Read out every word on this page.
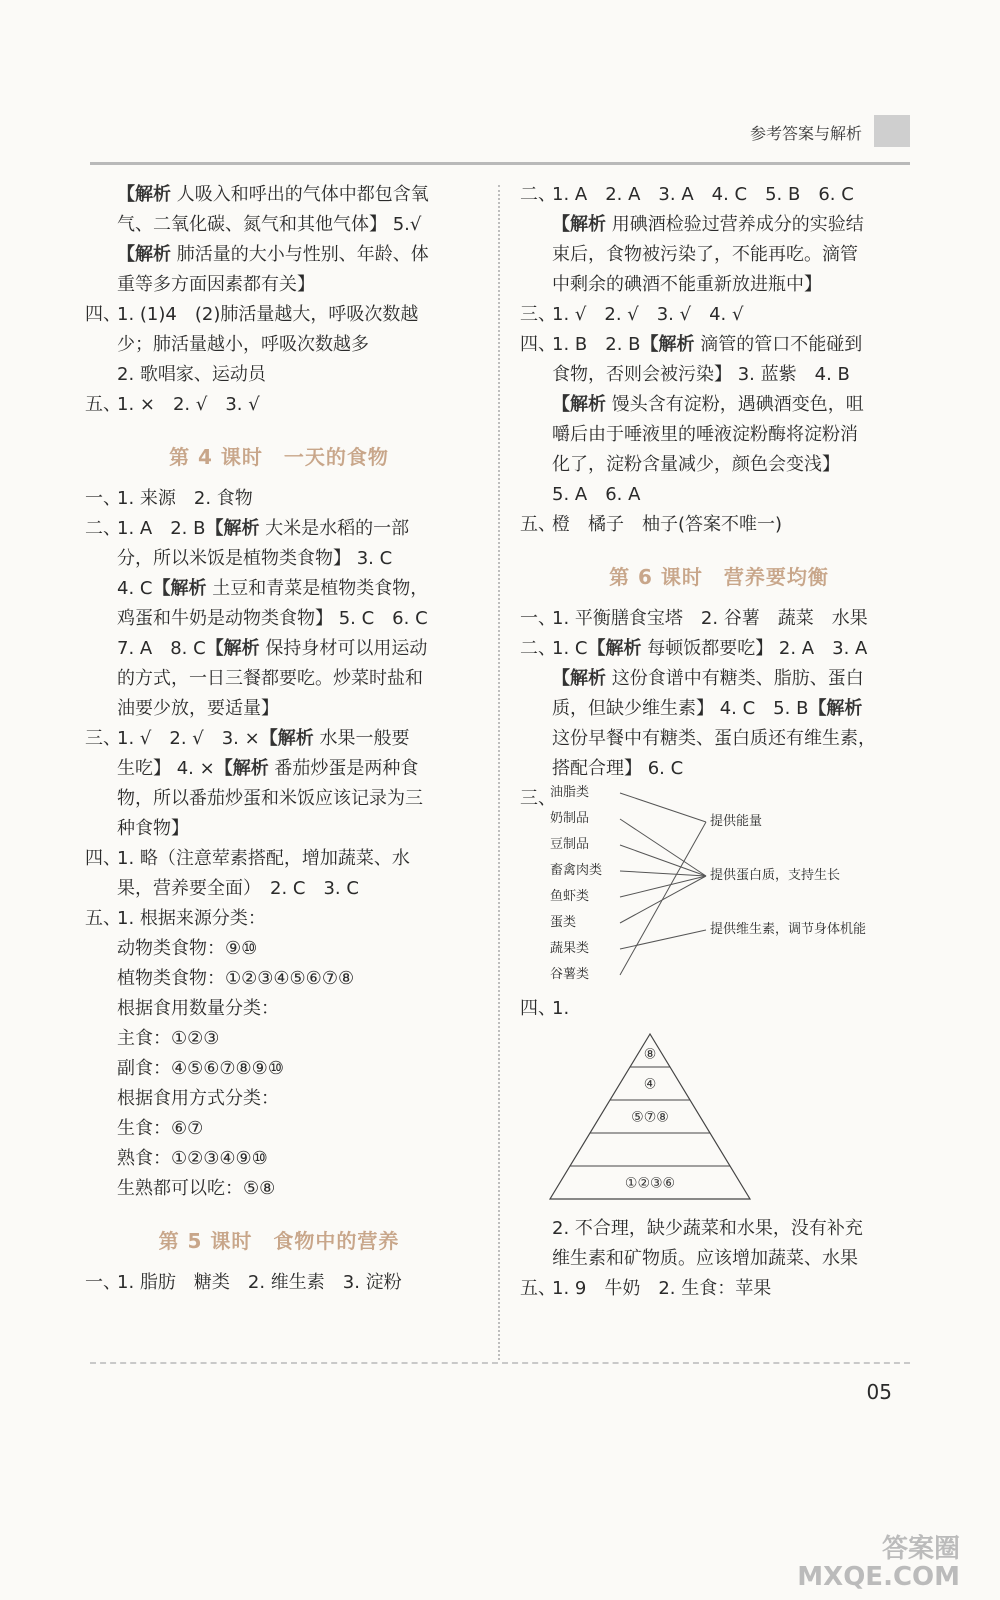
参考答案与解析
【解析 人吸入和呼出的气体中都包含氧
气、二氧化碳、氮气和其他气体】 5.√
【解析 肺活量的大小与性别、年龄、体
重等多方面因素都有关】
四、1. (1)4　(2)肺活量越大，呼吸次数越
少；肺活量越小，呼吸次数越多
2. 歌唱家、运动员
五、1. ×　2. √　3. √
第 4 课时　一天的食物
一、1. 来源　2. 食物
二、1. A　2. B【解析 大米是水稻的一部
分，所以米饭是植物类食物】 3. C
4. C【解析 土豆和青菜是植物类食物，
鸡蛋和牛奶是动物类食物】 5. C　6. C
7. A　8. C【解析 保持身材可以用运动
的方式，一日三餐都要吃。炒菜时盐和
油要少放，要适量】
三、1. √　2. √　3. ×【解析 水果一般要
生吃】 4. ×【解析 番茄炒蛋是两种食
物，所以番茄炒蛋和米饭应该记录为三
种食物】
四、1. 略（注意荤素搭配，增加蔬菜、水
果，营养要全面）　2. C　3. C
五、1. 根据来源分类：
动物类食物：⑨⑩
植物类食物：①②③④⑤⑥⑦⑧
根据食用数量分类：
主食：①②③
副食：④⑤⑥⑦⑧⑨⑩
根据食用方式分类：
生食：⑥⑦
熟食：①②③④⑨⑩
生熟都可以吃：⑤⑧
第 5 课时　食物中的营养
一、1. 脂肪　糖类　2. 维生素　3. 淀粉
二、1. A　2. A　3. A　4. C　5. B　6. C
【解析 用碘酒检验过营养成分的实验结
束后，食物被污染了，不能再吃。滴管
中剩余的碘酒不能重新放进瓶中】
三、1. √　2. √　3. √　4. √
四、1. B　2. B【解析 滴管的管口不能碰到
食物，否则会被污染】 3. 蓝紫　4. B
【解析 馒头含有淀粉，遇碘酒变色，咀
嚼后由于唾液里的唾液淀粉酶将淀粉消
化了，淀粉含量减少，颜色会变浅】
5. A　6. A
五、橙　橘子　柚子(答案不唯一)
第 6 课时　营养要均衡
一、1. 平衡膳食宝塔　2. 谷薯　蔬菜　水果
二、1. C【解析 每顿饭都要吃】 2. A　3. A
【解析 这份食谱中有糖类、脂肪、蛋白
质，但缺少维生素】 4. C　5. B【解析
这份早餐中有糖类、蛋白质还有维生素，
搭配合理】 6. C
三、
油脂类
奶制品
豆制品
畜禽肉类
鱼虾类
蛋类
蔬果类
谷薯类
提供能量
提供蛋白质，支持生长
提供维生素，调节身体机能
四、1.
⑧
④
⑤⑦⑧
①②③⑥
2. 不合理，缺少蔬菜和水果，没有补充
维生素和矿物质。应该增加蔬菜、水果
五、1. 9　牛奶　2. 生食：苹果
05
答案圈
MXQE.COM
